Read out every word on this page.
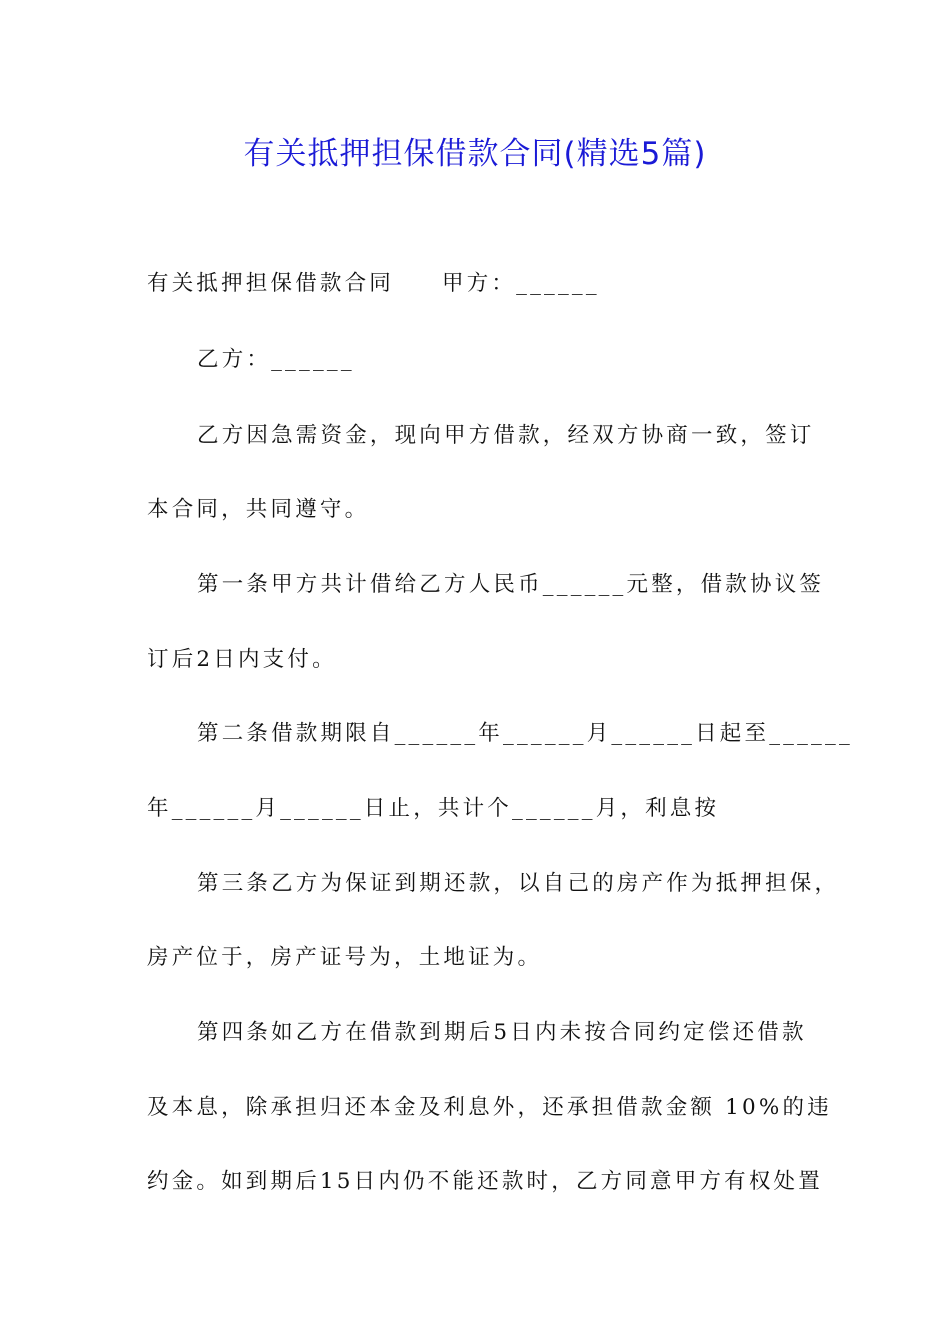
有关抵押担保借款合同(精选5篇)
有关抵押担保借款合同 甲方：______
乙方：______
乙方因急需资金，现向甲方借款，经双方协商一致，签订
本合同，共同遵守。
第一条甲方共计借给乙方人民币______元整，借款协议签
订后2日内支付。
第二条借款期限自______年______月______日起至______
年______月______日止，共计个______月，利息按
第三条乙方为保证到期还款，以自己的房产作为抵押担保，
房产位于，房产证号为，土地证为。
第四条如乙方在借款到期后5日内未按合同约定偿还借款
及本息，除承担归还本金及利息外，还承担借款金额 10%的违
约金。如到期后15日内仍不能还款时，乙方同意甲方有权处置
